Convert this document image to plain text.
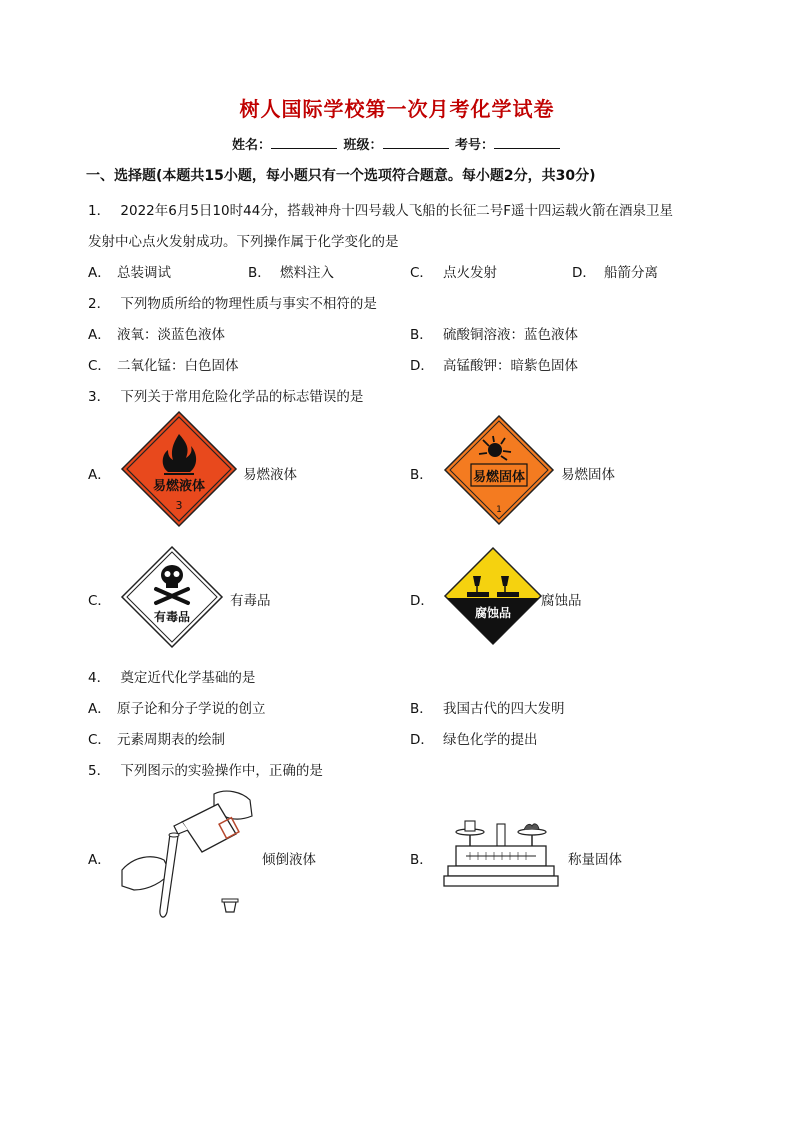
树人国际学校第一次月考化学试卷
姓名：	班级：	考号：
一、选择题(本题共15小题，每小题只有一个选项符合题意。每小题2分，共30分)
1． 2022年6月5日10时44分，搭载神舟十四号载人飞船的长征二号F遥十四运载火箭在酒泉卫星
发射中心点火发射成功。下列操作属于化学变化的是
A． 总装调试	B． 燃料注入	C． 点火发射	D． 船箭分离
2． 下列物质所给的物理性质与事实不相符的是
A． 液氧：淡蓝色液体	B． 硫酸铜溶液：蓝色液体
C． 二氧化锰：白色固体	D． 高锰酸钾：暗紫色固体
3． 下列关于常用危险化学品的标志错误的是
A．
易燃液体
3
易燃液体	B．	易燃固体
1
易燃固体
C．
有毒品
有毒品	D．
腐蚀品
腐蚀品
4． 奠定近代化学基础的是
A． 原子论和分子学说的创立	B． 我国古代的四大发明
C． 元素周期表的绘制	D． 绿色化学的提出
5． 下列图示的实验操作中，正确的是
A．	倾倒液体	B．	称量固体
